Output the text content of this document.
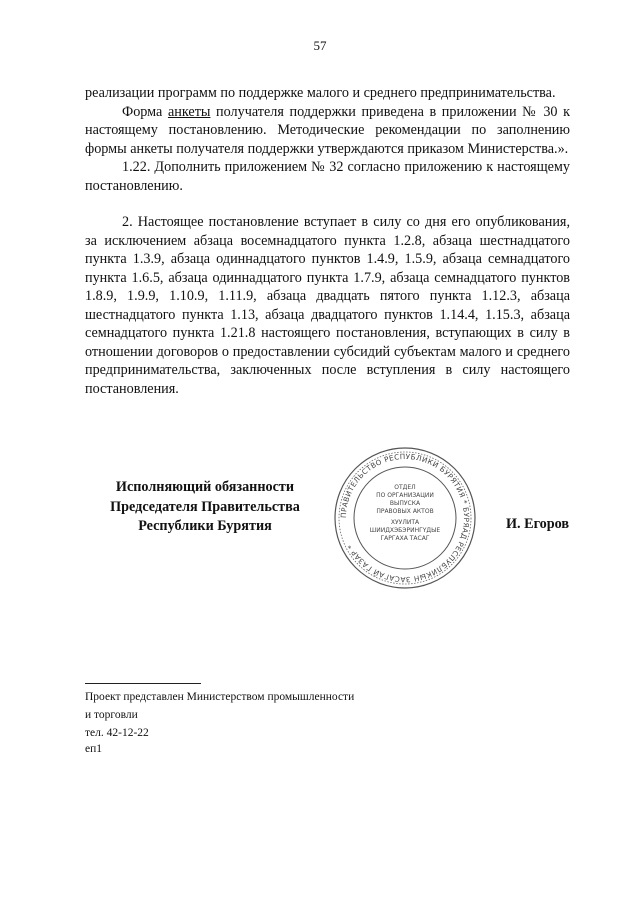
57

реализации программ по поддержке малого и среднего предпринимательства.

Форма анкеты получателя поддержки приведена в приложении № 30 к настоящему постановлению. Методические рекомендации по заполнению формы анкеты получателя поддержки утверждаются приказом Министерства.».

1.22. Дополнить приложением № 32 согласно приложению к настоящему постановлению.

2. Настоящее постановление вступает в силу со дня его опубликования, за исключением абзаца восемнадцатого пункта 1.2.8, абзаца шестнадцатого пункта 1.3.9, абзаца одиннадцатого пунктов 1.4.9, 1.5.9, абзаца семнадцатого пункта 1.6.5, абзаца одиннадцатого пункта 1.7.9, абзаца семнадцатого пунктов 1.8.9, 1.9.9, 1.10.9, 1.11.9, абзаца двадцать пятого пункта 1.12.3, абзаца шестнадцатого пункта 1.13, абзаца двадцатого пунктов 1.14.4, 1.15.3, абзаца семнадцатого пункта 1.21.8 настоящего постановления, вступающих в силу в отношении договоров о предоставлении субсидий субъектам малого и среднего предпринимательства, заключенных после вступления в силу настоящего постановления.

Исполняющий обязанности
Председателя Правительства
Республики Бурятия
ПРАВИТЕЛЬСТВО РЕСПУБЛИКИ БУРЯТИЯ * БУРЯАД РЕСПУБЛИКЫН ЗАСАГАЙ ГАЗАР *
ОТДЕЛ
ПО ОРГАНИЗАЦИИ
ВЫПУСКА
ПРАВОВЫХ АКТОВ
ХУУЛИТА
ШИИДХЭБЭРИНГҮДЫЕ
ГАРГАХА ТАСАГ
И. Егоров
Проект представлен Министерством промышленности
и торговли
тел. 42-12-22
еп1
